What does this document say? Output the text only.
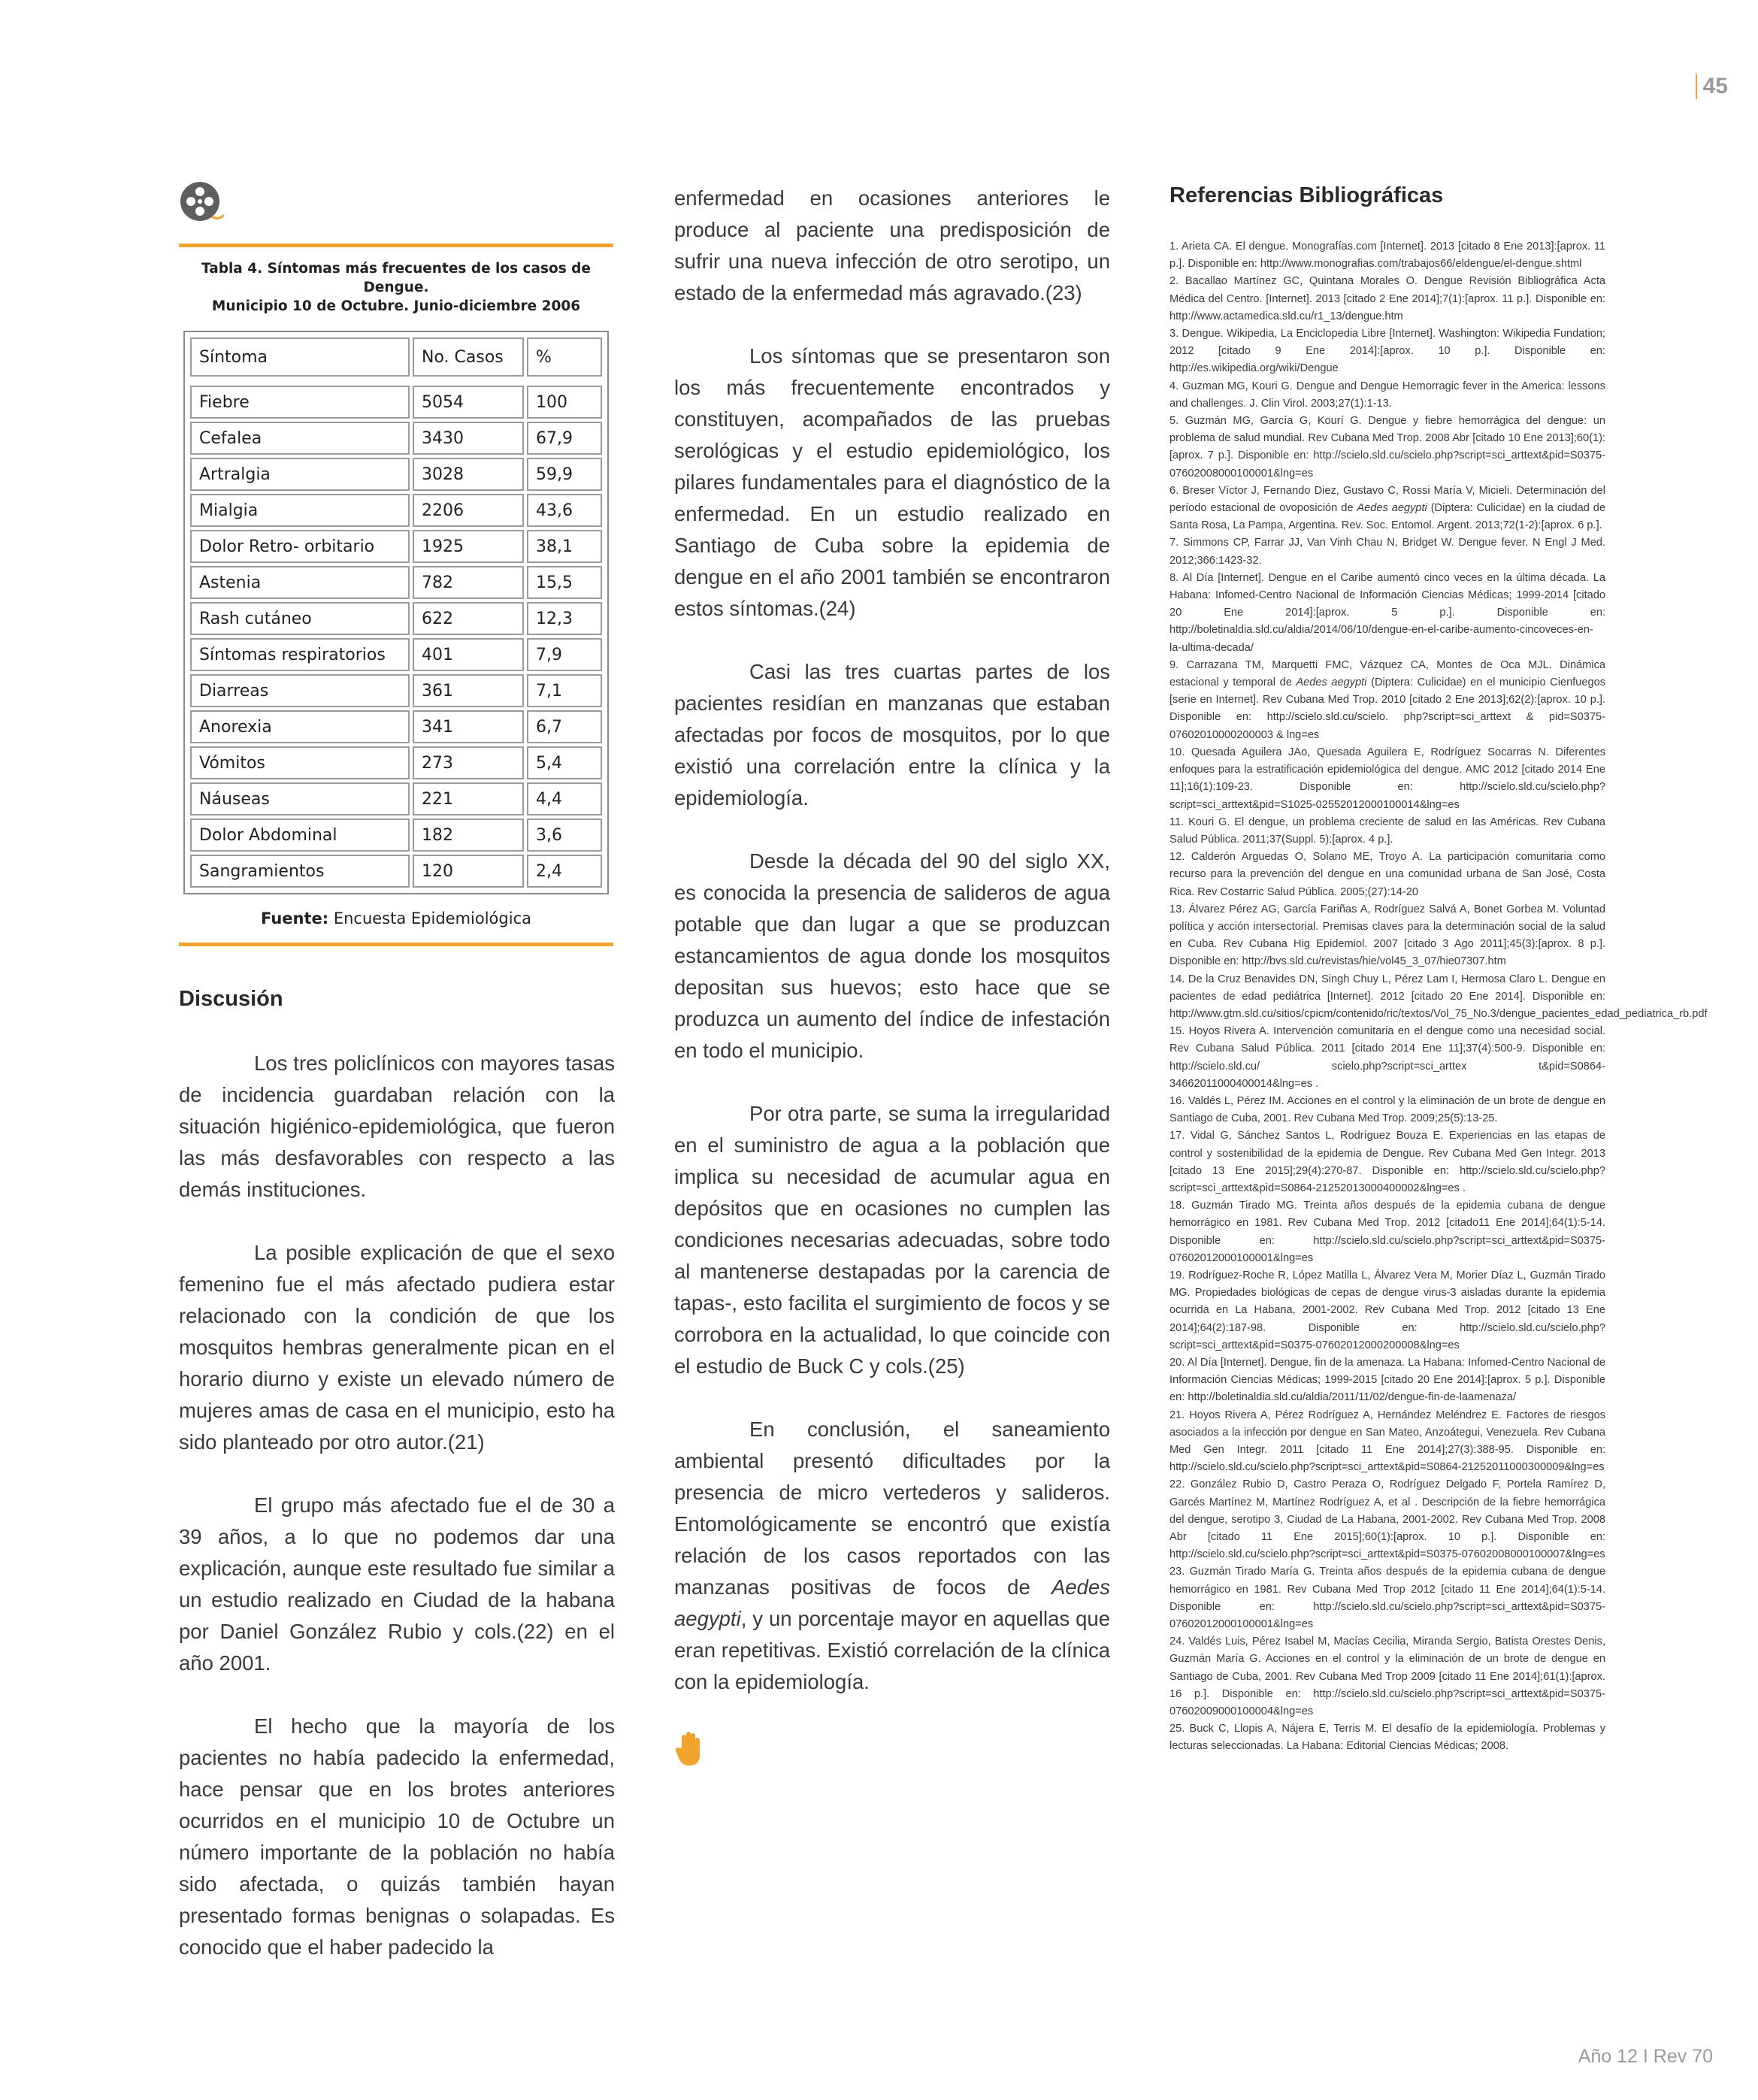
45
Tabla 4. Síntomas más frecuentes de los casos de Dengue.
Municipio 10 de Octubre. Junio-diciembre 2006
Síntoma	No. Casos	%

Fiebre	5054	100
Cefalea	3430	67,9
Artralgia	3028	59,9
Mialgia	2206	43,6
Dolor Retro- orbitario	1925	38,1
Astenia	782	15,5
Rash cutáneo	622	12,3
Síntomas respiratorios	401	7,9
Diarreas	361	7,1
Anorexia	341	6,7
Vómitos	273	5,4
Náuseas	221	4,4
Dolor Abdominal	182	3,6
Sangramientos	120	2,4
Fuente: Encuesta Epidemiológica
Discusión

Los tres policlínicos con mayores tasas de incidencia guardaban relación con la situación higiénico-epidemiológica, que fueron las más desfavorables con respecto a las demás instituciones.

La posible explicación de que el sexo femenino fue el más afectado pudiera estar relacionado con la condición de que los mosquitos hembras generalmente pican en el horario diurno y existe un elevado número de mujeres amas de casa en el municipio, esto ha sido planteado por otro autor.(21)

El grupo más afectado fue el de 30 a 39 años, a lo que no podemos dar una explicación, aunque este resultado fue similar a un estudio realizado en Ciudad de la habana por Daniel González Rubio y cols.(22) en el año 2001.

El hecho que la mayoría de los pacientes no había padecido la enfermedad, hace pensar que en los brotes anteriores ocurridos en el municipio 10 de Octubre un número importante de la población no había sido afectada, o quizás también hayan presentado formas benignas o solapadas. Es conocido que el haber padecido la

enfermedad en ocasiones anteriores le produce al paciente una predisposición de sufrir una nueva infección de otro serotipo, un estado de la enfermedad más agravado.(23)

Los síntomas que se presentaron son los más frecuentemente encontrados y constituyen, acompañados de las pruebas serológicas y el estudio epidemiológico, los pilares fundamentales para el diagnóstico de la enfermedad. En un estudio realizado en Santiago de Cuba sobre la epidemia de dengue en el año 2001 también se encontraron estos síntomas.(24)

Casi las tres cuartas partes de los pacientes residían en manzanas que estaban afectadas por focos de mosquitos, por lo que existió una correlación entre la clínica y la epidemiología.

Desde la década del 90 del siglo XX, es conocida la presencia de salideros de agua potable que dan lugar a que se produzcan estancamientos de agua donde los mosquitos depositan sus huevos; esto hace que se produzca un aumento del índice de infestación en todo el municipio.

Por otra parte, se suma la irregularidad en el suministro de agua a la población que implica su necesidad de acumular agua en depósitos que en ocasiones no cumplen las condiciones necesarias adecuadas, sobre todo al mantenerse destapadas por la carencia de tapas-, esto facilita el surgimiento de focos y se corrobora en la actualidad, lo que coincide con el estudio de Buck C y cols.(25)

En conclusión, el saneamiento ambiental presentó dificultades por la presencia de micro vertederos y salideros. Entomológicamente se encontró que existía relación de los casos reportados con las manzanas positivas de focos de Aedes aegypti, y un porcentaje mayor en aquellas que eran repetitivas. Existió correlación de la clínica con la epidemiología.

Referencias Bibliográficas

1. Arieta CA. El dengue. Monografías.com [Internet]. 2013 [citado 8 Ene 2013]:[aprox. 11 p.]. Disponible en: http://www.monografias.com/trabajos66/eldengue/el-dengue.shtml

2. Bacallao Martínez GC, Quintana Morales O. Dengue Revisión Bibliográfica Acta Médica del Centro. [Internet]. 2013 [citado 2 Ene 2014];7(1):[aprox. 11 p.]. Disponible en: http://www.actamedica.sld.cu/r1_13/dengue.htm

3. Dengue. Wikipedia, La Enciclopedia Libre [Internet]. Washington: Wikipedia Fundation; 2012 [citado 9 Ene 2014]:[aprox. 10 p.]. Disponible en: http://es.wikipedia.org/wiki/Dengue

4. Guzman MG, Kouri G. Dengue and Dengue Hemorragic fever in the America: lessons and challenges. J. Clin Virol. 2003;27(1):1-13.

5. Guzmán MG, García G, Kourí G. Dengue y fiebre hemorrágica del dengue: un problema de salud mundial. Rev Cubana Med Trop. 2008 Abr [citado 10 Ene 2013];60(1):[aprox. 7 p.]. Disponible en: http://scielo.sld.cu/scielo.php?script=sci_arttext&pid=S0375-07602008000100001&lng=es

6. Breser Víctor J, Fernando Diez, Gustavo C, Rossi María V, Micieli. Determinación del período estacional de ovoposición de Aedes aegypti (Diptera: Culicidae) en la ciudad de Santa Rosa, La Pampa, Argentina. Rev. Soc. Entomol. Argent. 2013;72(1-2):[aprox. 6 p.].

7. Simmons CP, Farrar JJ, Van Vinh Chau N, Bridget W. Dengue fever. N Engl J Med. 2012;366:1423-32.

8. Al Día [Internet]. Dengue en el Caribe aumentó cinco veces en la última década. La Habana: Infomed-Centro Nacional de Información Ciencias Médicas; 1999-2014 [citado 20 Ene 2014]:[aprox. 5 p.]. Disponible en: http://boletinaldia.sld.cu/aldia/2014/06/10/dengue-en-el-caribe-aumento-cincoveces-en-la-ultima-decada/

9. Carrazana TM, Marquetti FMC, Vázquez CA, Montes de Oca MJL. Dinámica estacional y temporal de Aedes aegypti (Diptera: Culicidae) en el municipio Cienfuegos [serie en Internet]. Rev Cubana Med Trop. 2010 [citado 2 Ene 2013];62(2):[aprox. 10 p.]. Disponible en: http://scielo.sld.cu/scielo. php?script=sci_arttext & pid=S0375-07602010000200003 & lng=es

10. Quesada Aguilera JAo, Quesada Aguilera E, Rodríguez Socarras N. Diferentes enfoques para la estratificación epidemiológica del dengue. AMC 2012 [citado 2014 Ene 11];16(1):109-23. Disponible en: http://scielo.sld.cu/scielo.php?script=sci_arttext&pid=S1025-02552012000100014&lng=es

11. Kouri G. El dengue, un problema creciente de salud en las Américas. Rev Cubana Salud Pública. 2011;37(Suppl. 5):[aprox. 4 p.].

12. Calderón Arguedas O, Solano ME, Troyo A. La participación comunitaria como recurso para la prevención del dengue en una comunidad urbana de San José, Costa Rica. Rev Costarric Salud Pública. 2005;(27):14-20

13. Álvarez Pérez AG, García Fariñas A, Rodríguez Salvá A, Bonet Gorbea M. Voluntad política y acción intersectorial. Premisas claves para la determinación social de la salud en Cuba. Rev Cubana Hig Epidemiol. 2007 [citado 3 Ago 2011];45(3):[aprox. 8 p.]. Disponible en: http://bvs.sld.cu/revistas/hie/vol45_3_07/hie07307.htm

14. De la Cruz Benavides DN, Singh Chuy L, Pérez Lam I, Hermosa Claro L. Dengue en pacientes de edad pediátrica [Internet]. 2012 [citado 20 Ene 2014]. Disponible en: http://www.gtm.sld.cu/sitios/cpicm/contenido/ric/textos/Vol_75_No.3/dengue_pacientes_edad_pediatrica_rb.pdf

15. Hoyos Rivera A. Intervención comunitaria en el dengue como una necesidad social. Rev Cubana Salud Pública. 2011 [citado 2014 Ene 11];37(4):500-9. Disponible en: http://scielo.sld.cu/ scielo.php?script=sci_arttex t&pid=S0864-34662011000400014&lng=es .

16. Valdés L, Pérez IM. Acciones en el control y la eliminación de un brote de dengue en Santiago de Cuba, 2001. Rev Cubana Med Trop. 2009;25(5):13-25.

17. Vidal G, Sánchez Santos L, Rodríguez Bouza E. Experiencias en las etapas de control y sostenibilidad de la epidemia de Dengue. Rev Cubana Med Gen Integr. 2013 [citado 13 Ene 2015];29(4):270-87. Disponible en: http://scielo.sld.cu/scielo.php?script=sci_arttext&pid=S0864-21252013000400002&lng=es .

18. Guzmán Tirado MG. Treinta años después de la epidemia cubana de dengue hemorrágico en 1981. Rev Cubana Med Trop. 2012 [citado11 Ene 2014];64(1):5-14. Disponible en: http://scielo.sld.cu/scielo.php?script=sci_arttext&pid=S0375-07602012000100001&lng=es

19. Rodríguez-Roche R, López Matilla L, Álvarez Vera M, Morier Díaz L, Guzmán Tirado MG. Propiedades biológicas de cepas de dengue virus-3 aisladas durante la epidemia ocurrida en La Habana, 2001-2002. Rev Cubana Med Trop. 2012 [citado 13 Ene 2014];64(2):187-98. Disponible en: http://scielo.sld.cu/scielo.php?script=sci_arttext&pid=S0375-07602012000200008&lng=es

20. Al Día [Internet]. Dengue, fin de la amenaza. La Habana: Infomed-Centro Nacional de Información Ciencias Médicas; 1999-2015 [citado 20 Ene 2014]:[aprox. 5 p.]. Disponible en: http://boletinaldia.sld.cu/aldia/2011/11/02/dengue-fin-de-laamenaza/

21. Hoyos Rivera A, Pérez Rodríguez A, Hernández Meléndrez E. Factores de riesgos asociados a la infección por dengue en San Mateo, Anzoátegui, Venezuela. Rev Cubana Med Gen Integr. 2011 [citado 11 Ene 2014];27(3):388-95. Disponible en: http://scielo.sld.cu/scielo.php?script=sci_arttext&pid=S0864-21252011000300009&lng=es

22. González Rubio D, Castro Peraza O, Rodríguez Delgado F, Portela Ramírez D, Garcés Martínez M, Martínez Rodríguez A, et al . Descripción de la fiebre hemorrágica del dengue, serotipo 3, Ciudad de La Habana, 2001-2002. Rev Cubana Med Trop. 2008 Abr [citado 11 Ene 2015];60(1):[aprox. 10 p.]. Disponible en: http://scielo.sld.cu/scielo.php?script=sci_arttext&pid=S0375-07602008000100007&lng=es

23. Guzmán Tirado María G. Treinta años después de la epidemia cubana de dengue hemorrágico en 1981. Rev Cubana Med Trop 2012 [citado 11 Ene 2014];64(1):5-14. Disponible en: http://scielo.sld.cu/scielo.php?script=sci_arttext&pid=S0375-07602012000100001&lng=es

24. Valdés Luis, Pérez Isabel M, Macías Cecilia, Miranda Sergio, Batista Orestes Denis, Guzmán María G. Acciones en el control y la eliminación de un brote de dengue en Santiago de Cuba, 2001. Rev Cubana Med Trop 2009 [citado 11 Ene 2014];61(1):[aprox. 16 p.]. Disponible en: http://scielo.sld.cu/scielo.php?script=sci_arttext&pid=S0375-07602009000100004&lng=es

25. Buck C, Llopis A, Nájera E, Terris M. El desafío de la epidemiología. Problemas y lecturas seleccionadas. La Habana: Editorial Ciencias Médicas; 2008.

Año 12 I Rev 70
